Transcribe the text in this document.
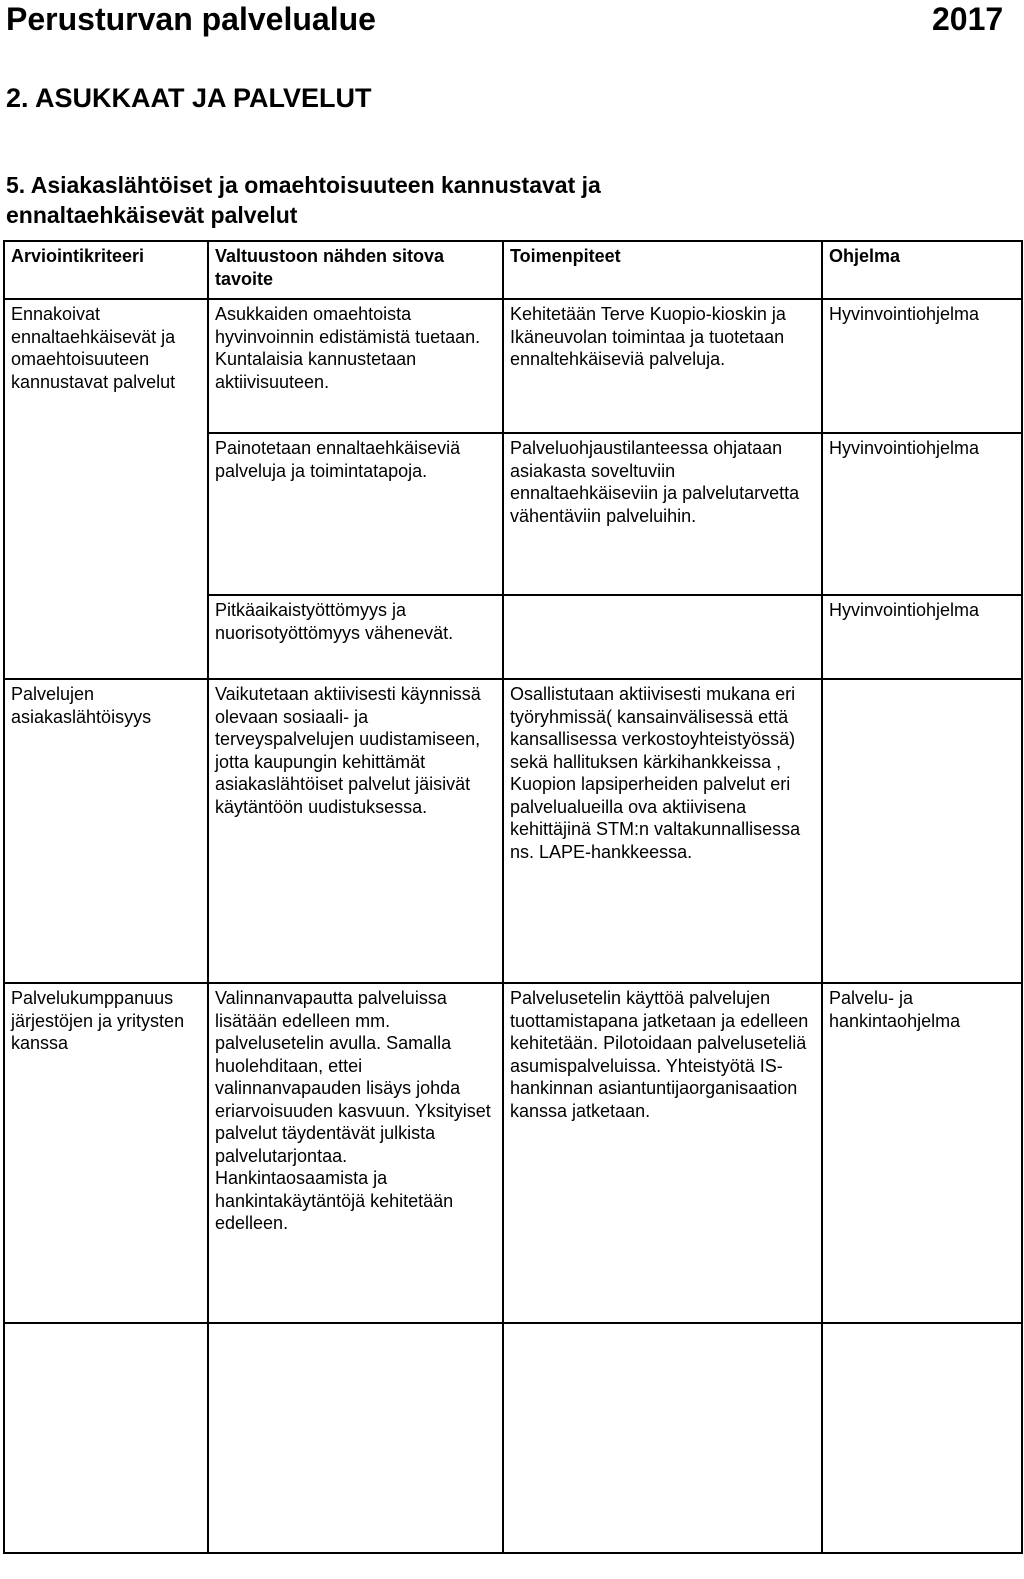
Perusturvan palvelualue	2017
2. ASUKKAAT JA PALVELUT
5. Asiakaslähtöiset ja omaehtoisuuteen kannustavat ja ennaltaehkäisevät palvelut
Arviointikriteeri	Valtuustoon nähden sitova tavoite	Toimenpiteet	Ohjelma
Ennakoivat ennaltaehkäisevät ja omaehtoisuuteen kannustavat palvelut	Asukkaiden omaehtoista hyvinvoinnin edistämistä tuetaan. Kuntalaisia kannustetaan aktiivisuuteen.	Kehitetään Terve Kuopio-kioskin ja Ikäneuvolan toimintaa ja tuotetaan ennaltehkäiseviä palveluja.	Hyvinvointiohjelma
	Painotetaan ennaltaehkäiseviä palveluja ja toimintatapoja.	Palveluohjaustilanteessa ohjataan asiakasta soveltuviin ennaltaehkäiseviin ja palvelutarvetta vähentäviin palveluihin.	Hyvinvointiohjelma
	Pitkäaikaistyöttömyys ja nuorisotyöttömyys vähenevät.		Hyvinvointiohjelma
Palvelujen asiakaslähtöisyys	Vaikutetaan aktiivisesti käynnissä olevaan sosiaali- ja terveyspalvelujen uudistamiseen, jotta kaupungin kehittämät asiakaslähtöiset palvelut jäisivät käytäntöön uudistuksessa.	Osallistutaan aktiivisesti mukana eri työryhmissä( kansainvälisessä että kansallisessa verkostoyhteistyössä) sekä hallituksen kärkihankkeissa , Kuopion lapsiperheiden palvelut eri palvelualueilla ova aktiivisena kehittäjinä STM:n valtakunnallisessa ns. LAPE-hankkeessa.	
Palvelukumppanuus järjestöjen ja yritysten kanssa	Valinnanvapautta palveluissa lisätään edelleen mm. palvelusetelin avulla. Samalla huolehditaan, ettei valinnanvapauden lisäys johda eriarvoisuuden kasvuun. Yksityiset palvelut täydentävät julkista palvelutarjontaa. Hankintaosaamista ja hankintakäytäntöjä kehitetään edelleen.	Palvelusetelin käyttöä palvelujen tuottamistapana jatketaan ja edelleen kehitetään. Pilotoidaan palveluseteliä asumispalveluissa. Yhteistyötä IS-hankinnan asiantuntijaorganisaation kanssa jatketaan.	Palvelu- ja hankintaohjelma
